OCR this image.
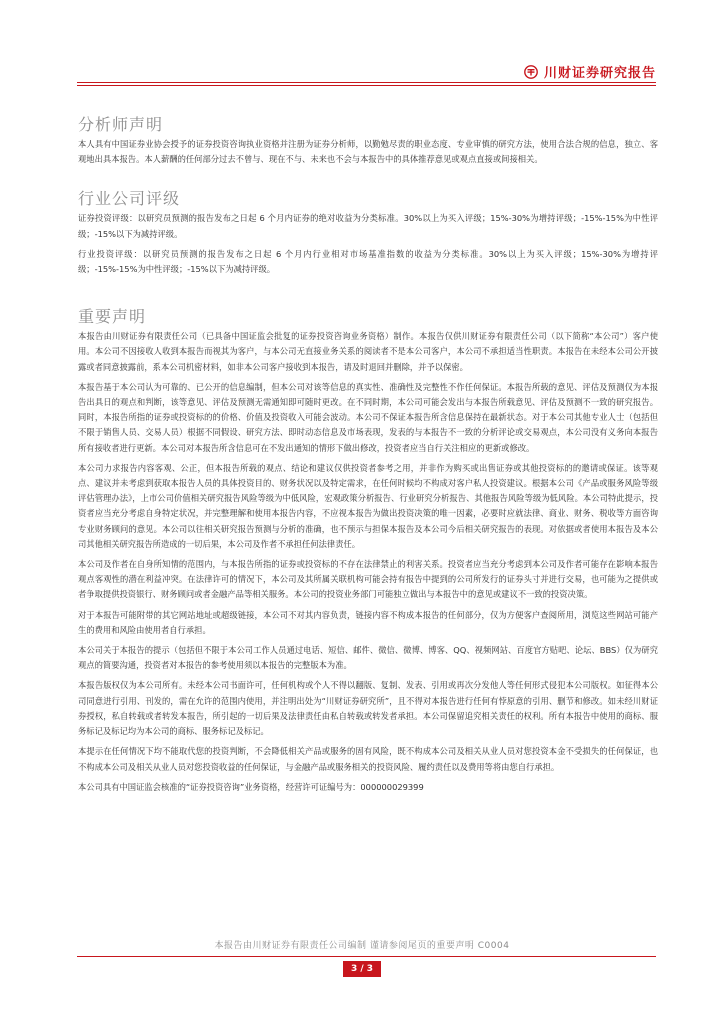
川财证券研究报告
分析师声明

本人具有中国证券业协会授予的证券投资咨询执业资格并注册为证券分析师，以勤勉尽责的职业态度、专业审慎的研究方法，使用合法合规的信息，独立、客观地出具本报告。本人薪酬的任何部分过去不曾与、现在不与、未来也不会与本报告中的具体推荐意见或观点直接或间接相关。

行业公司评级

证券投资评级：以研究员预测的报告发布之日起 6 个月内证券的绝对收益为分类标准。30%以上为买入评级；15%-30%为增持评级；-15%-15%为中性评级；-15%以下为减持评级。

行业投资评级：以研究员预测的报告发布之日起 6 个月内行业相对市场基准指数的收益为分类标准。30%以上为买入评级；15%-30%为增持评级；-15%-15%为中性评级；-15%以下为减持评级。

重要声明

本报告由川财证券有限责任公司（已具备中国证监会批复的证券投资咨询业务资格）制作。本报告仅供川财证券有限责任公司（以下简称“本公司”）客户使用。本公司不因接收人收到本报告而视其为客户，与本公司无直接业务关系的阅读者不是本公司客户，本公司不承担适当性职责。本报告在未经本公司公开披露或者同意披露前，系本公司机密材料，如非本公司客户接收到本报告，请及时退回并删除，并予以保密。

本报告基于本公司认为可靠的、已公开的信息编制，但本公司对该等信息的真实性、准确性及完整性不作任何保证。本报告所载的意见、评估及预测仅为本报告出具日的观点和判断，该等意见、评估及预测无需通知即可随时更改。在不同时期，本公司可能会发出与本报告所载意见、评估及预测不一致的研究报告。同时，本报告所指的证券或投资标的的价格、价值及投资收入可能会波动。本公司不保证本报告所含信息保持在最新状态。对于本公司其他专业人士（包括但不限于销售人员、交易人员）根据不同假设、研究方法、即时动态信息及市场表现，发表的与本报告不一致的分析评论或交易观点，本公司没有义务向本报告所有接收者进行更新。本公司对本报告所含信息可在不发出通知的情形下做出修改，投资者应当自行关注相应的更新或修改。

本公司力求报告内容客观、公正，但本报告所载的观点、结论和建议仅供投资者参考之用，并非作为购买或出售证券或其他投资标的的邀请或保证。该等观点、建议并未考虑到获取本报告人员的具体投资目的、财务状况以及特定需求，在任何时候均不构成对客户私人投资建议。根据本公司《产品或服务风险等级评估管理办法》，上市公司价值相关研究报告风险等级为中低风险，宏观政策分析报告、行业研究分析报告、其他报告风险等级为低风险。本公司特此提示，投资者应当充分考虑自身特定状况，并完整理解和使用本报告内容，不应视本报告为做出投资决策的唯一因素，必要时应就法律、商业、财务、税收等方面咨询专业财务顾问的意见。本公司以往相关研究报告预测与分析的准确，也不预示与担保本报告及本公司今后相关研究报告的表现。对依据或者使用本报告及本公司其他相关研究报告所造成的一切后果，本公司及作者不承担任何法律责任。

本公司及作者在自身所知情的范围内，与本报告所指的证券或投资标的不存在法律禁止的利害关系。投资者应当充分考虑到本公司及作者可能存在影响本报告观点客观性的潜在利益冲突。在法律许可的情况下，本公司及其所属关联机构可能会持有报告中提到的公司所发行的证券头寸并进行交易，也可能为之提供或者争取提供投资银行、财务顾问或者金融产品等相关服务。本公司的投资业务部门可能独立做出与本报告中的意见或建议不一致的投资决策。

对于本报告可能附带的其它网站地址或超级链接，本公司不对其内容负责，链接内容不构成本报告的任何部分，仅为方便客户查阅所用，浏览这些网站可能产生的费用和风险由使用者自行承担。

本公司关于本报告的提示（包括但不限于本公司工作人员通过电话、短信、邮件、微信、微博、博客、QQ、视频网站、百度官方贴吧、论坛、BBS）仅为研究观点的简要沟通，投资者对本报告的参考使用须以本报告的完整版本为准。

本报告版权仅为本公司所有。未经本公司书面许可，任何机构或个人不得以翻版、复制、发表、引用或再次分发他人等任何形式侵犯本公司版权。如征得本公司同意进行引用、刊发的，需在允许的范围内使用，并注明出处为“川财证券研究所”，且不得对本报告进行任何有悖原意的引用、删节和修改。如未经川财证券授权，私自转载或者转发本报告，所引起的一切后果及法律责任由私自转载或转发者承担。本公司保留追究相关责任的权利。所有本报告中使用的商标、服务标记及标记均为本公司的商标、服务标记及标记。

本提示在任何情况下均不能取代您的投资判断，不会降低相关产品或服务的固有风险，既不构成本公司及相关从业人员对您投资本金不受损失的任何保证，也不构成本公司及相关从业人员对您投资收益的任何保证，与金融产品或服务相关的投资风险、履约责任以及费用等将由您自行承担。

本公司具有中国证监会核准的“证券投资咨询”业务资格，经营许可证编号为：000000029399

本报告由川财证券有限责任公司编制 谨请参阅尾页的重要声明 C0004
3 / 3
